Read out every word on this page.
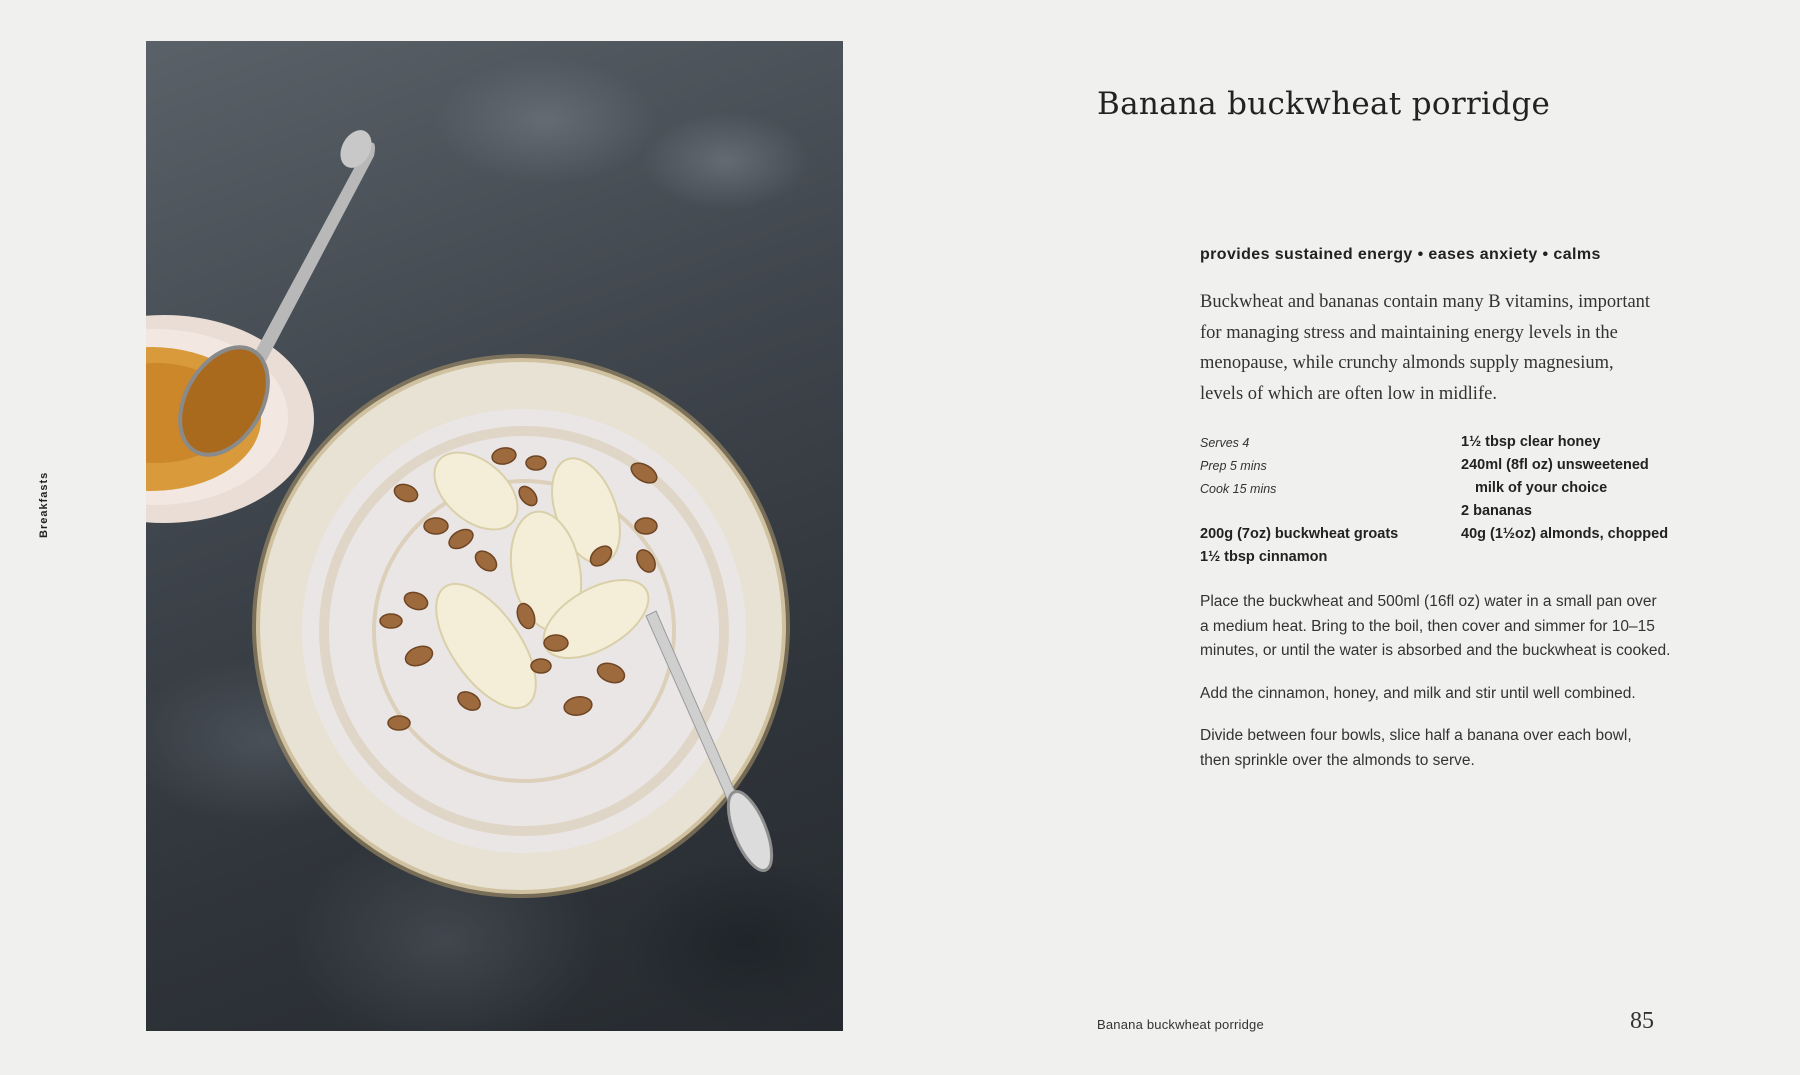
Breakfasts
Banana buckwheat porridge
provides sustained energy • eases anxiety • calms
Buckwheat and bananas contain many B vitamins, important
for managing stress and maintaining energy levels in the
menopause, while crunchy almonds supply magnesium,
levels of which are often low in midlife.
Serves 4
Prep 5 mins
Cook 15 mins
200g (7oz) buckwheat groats
1½ tbsp cinnamon
1½ tbsp clear honey
240ml (8fl oz) unsweetened
milk of your choice
2 bananas
40g (1½oz) almonds, chopped

Place the buckwheat and 500ml (16fl oz) water in a small pan over
a medium heat. Bring to the boil, then cover and simmer for 10–15
minutes, or until the water is absorbed and the buckwheat is cooked.

Add the cinnamon, honey, and milk and stir until well combined.

Divide between four bowls, slice half a banana over each bowl,
then sprinkle over the almonds to serve.

Banana buckwheat porridge	85
